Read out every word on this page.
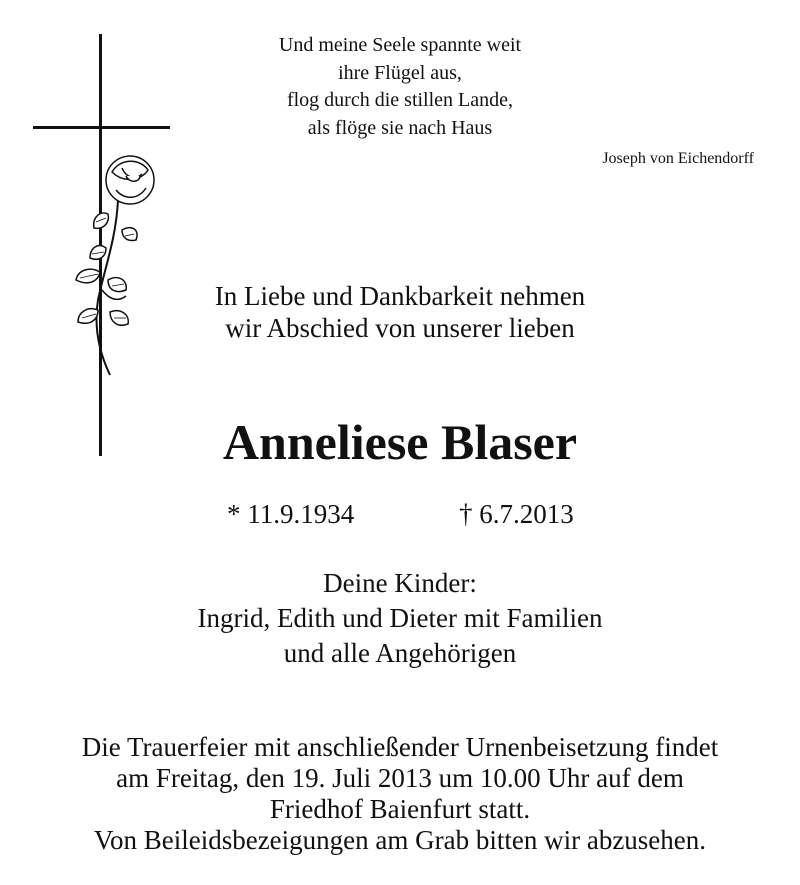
Und meine Seele spannte weit
ihre Flügel aus,
flog durch die stillen Lande,
als flöge sie nach Haus
Joseph von Eichendorff
In Liebe und Dankbarkeit nehmen
wir Abschied von unserer lieben
Anneliese Blaser
* 11.9.1934	† 6.7.2013
Deine Kinder:
Ingrid, Edith und Dieter mit Familien
und alle Angehörigen
Die Trauerfeier mit anschließender Urnenbeisetzung findet
am Freitag, den 19. Juli 2013 um 10.00 Uhr auf dem
Friedhof Baienfurt statt.
Von Beileidsbezeigungen am Grab bitten wir abzusehen.
